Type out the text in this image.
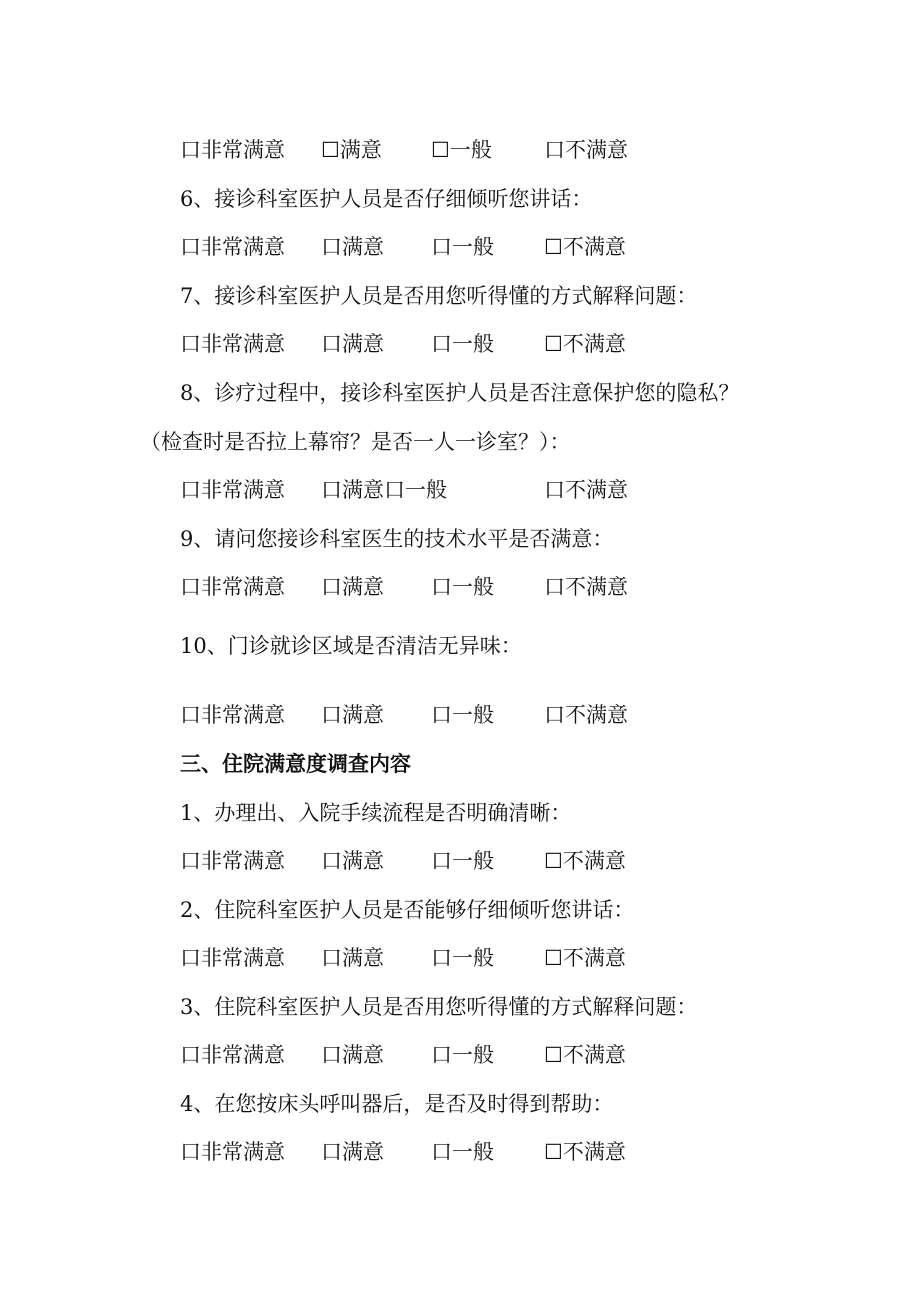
口非常满意 ☐满意 ☐一般 口不满意
6、接诊科室医护人员是否仔细倾听您讲话：
口非常满意 口满意 口一般 ☐不满意
7、接诊科室医护人员是否用您听得懂的方式解释问题：
口非常满意 口满意 口一般 ☐不满意
8、诊疗过程中，接诊科室医护人员是否注意保护您的隐私？
（检查时是否拉上幕帘？是否一人一诊室？）：
口非常满意 口满意口一般	口不满意
9、请问您接诊科室医生的技术水平是否满意：
口非常满意 口满意 口一般 口不满意
10、门诊就诊区域是否清洁无异味：
口非常满意 口满意 口一般 口不满意
三、住院满意度调查内容
1、办理出、入院手续流程是否明确清晰：
口非常满意 口满意 口一般 ☐不满意
2、住院科室医护人员是否能够仔细倾听您讲话：
口非常满意 口满意 口一般 ☐不满意
3、住院科室医护人员是否用您听得懂的方式解释问题：
口非常满意 口满意 口一般 ☐不满意
4、在您按床头呼叫器后，是否及时得到帮助：
口非常满意 口满意 口一般 ☐不满意
